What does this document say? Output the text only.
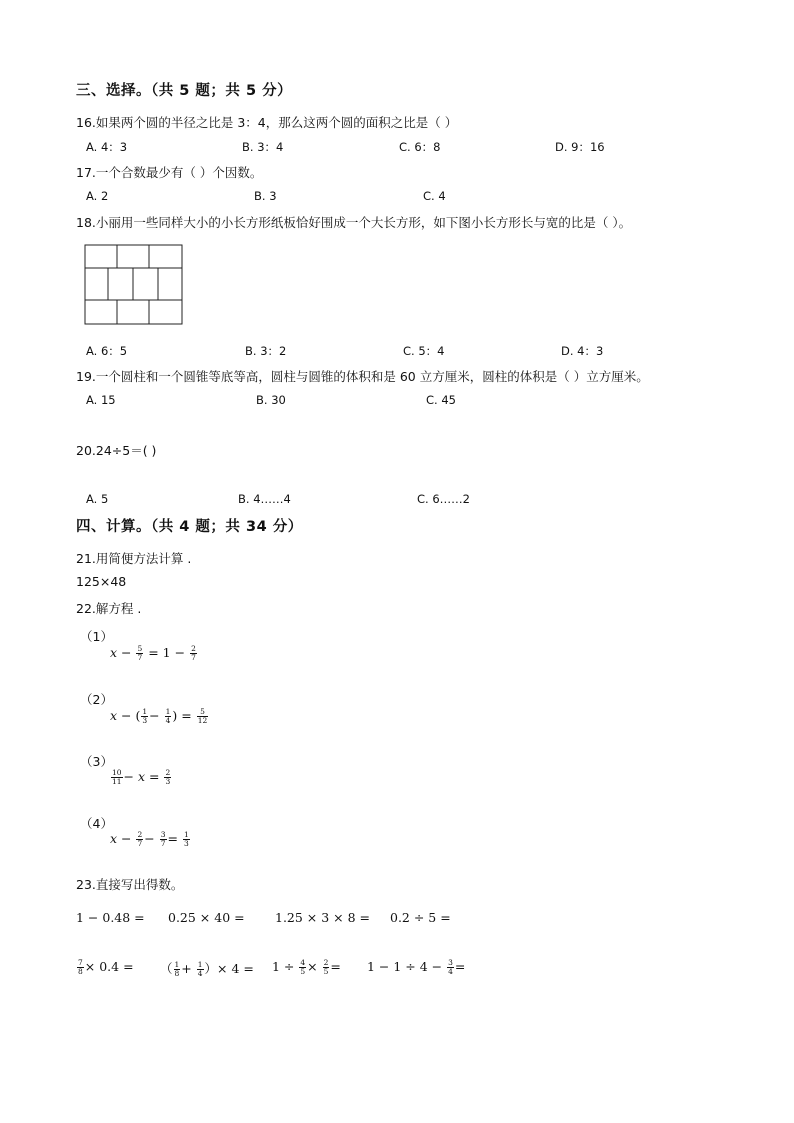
三、选择。（共 5 题；共 5 分）
16.如果两个圆的半径之比是 3：4，那么这两个圆的面积之比是（ ）
A. 4：3	B. 3：4	C. 6：8	D. 9：16
17.一个合数最少有（ ）个因数。
A. 2	B. 3	C. 4
18.小丽用一些同样大小的小长方形纸板恰好围成一个大长方形，如下图小长方形长与宽的比是（ ）。
A. 6：5	B. 3：2	C. 5：4	D. 4：3
19.一个圆柱和一个圆锥等底等高，圆柱与圆锥的体积和是 60 立方厘米，圆柱的体积是（ ）立方厘米。
A. 15	B. 30	C. 45
20.24÷5＝( )
A. 5	B. 4……4	C. 6……2
四、计算。（共 4 题；共 34 分）
21.用简便方法计算 .
125×48
22.解方程 .
（1）
$x - \frac{5}{7} = 1 - \frac{2}{7}$
（2）
x − ( $\frac{1}{3} - \frac{1}{4}$ ) = $\frac{5}{12}$
（3）
$\frac{10}{11} - x = \frac{2}{3}$
（4）
$x - \frac{2}{7} - \frac{3}{7} = \frac{1}{3}$
23.直接写出得数。
1 − 0.48 = 0.25 × 40 = 1.25 × 3 × 8 = 0.2 ÷ 5 =
$\frac{7}{8} \times 0.4$ = （ $\frac{1}{8} + \frac{1}{4}$ ）× $4 = 1 \div \frac{4}{5} \times \frac{2}{5} = 1 - 1 \div 4 - \frac{3}{4}$ =
